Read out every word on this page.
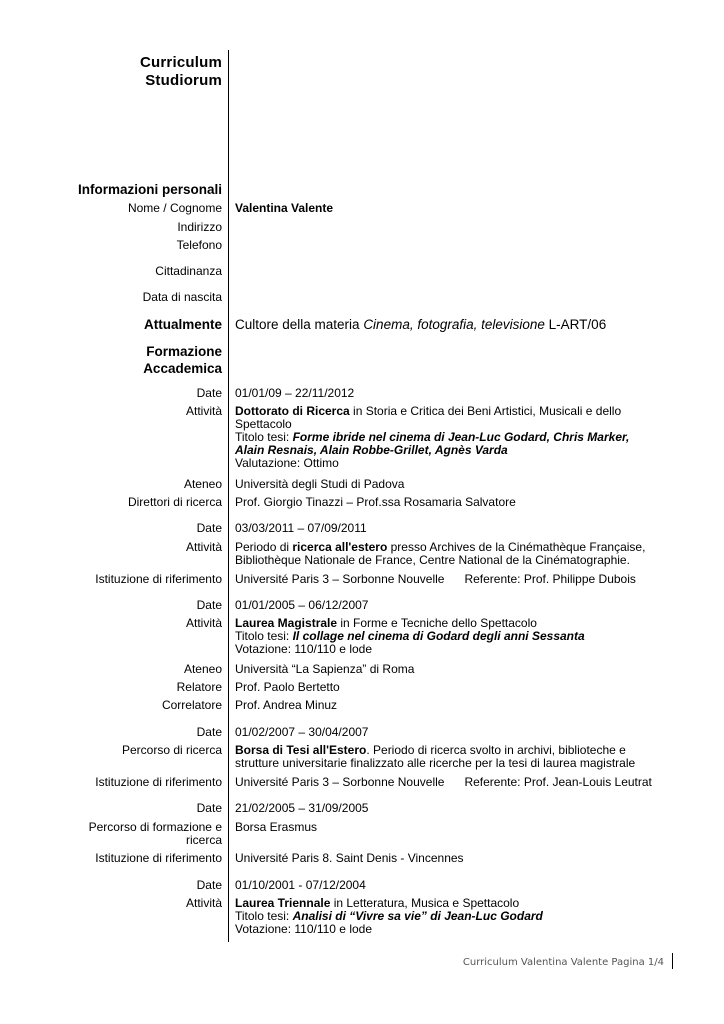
Curriculum
Studiorum
Informazioni personali
Nome / Cognome Valentina Valente
Indirizzo
Telefono
Cittadinanza
Data di nascita
Attualmente Cultore della materia Cinema, fotografia, televisione L-ART/06
Formazione
Accademica
Date 01/01/09 – 22/11/2012
Attività Dottorato di Ricerca in Storia e Critica dei Beni Artistici, Musicali e dello
Spettacolo
Titolo tesi: Forme ibride nel cinema di Jean-Luc Godard, Chris Marker,
Alain Resnais, Alain Robbe-Grillet, Agnès Varda
Valutazione: Ottimo
Ateneo Università degli Studi di Padova
Direttori di ricerca Prof. Giorgio Tinazzi – Prof.ssa Rosamaria Salvatore
Date 03/03/2011 – 07/09/2011
Attività Periodo di ricerca all'estero presso Archives de la Cinémathèque Française,
Bibliothèque Nationale de France, Centre National de la Cinématographie.
Istituzione di riferimento Université Paris 3 – Sorbonne Nouvelle Referente: Prof. Philippe Dubois
Date 01/01/2005 – 06/12/2007
Attività Laurea Magistrale in Forme e Tecniche dello Spettacolo
Titolo tesi: Il collage nel cinema di Godard degli anni Sessanta
Votazione: 110/110 e lode
Ateneo Università “La Sapienza” di Roma
Relatore Prof. Paolo Bertetto
Correlatore Prof. Andrea Minuz
Date 01/02/2007 – 30/04/2007
Percorso di ricerca Borsa di Tesi all'Estero. Periodo di ricerca svolto in archivi, biblioteche e
strutture universitarie finalizzato alle ricerche per la tesi di laurea magistrale
Istituzione di riferimento Université Paris 3 – Sorbonne Nouvelle Referente: Prof. Jean-Louis Leutrat
Date 21/02/2005 – 31/09/2005
Percorso di formazione e
ricerca
Borsa Erasmus
Istituzione di riferimento Université Paris 8. Saint Denis - Vincennes
Date 01/10/2001 - 07/12/2004
Attività Laurea Triennale in Letteratura, Musica e Spettacolo
Titolo tesi: Analisi di “Vivre sa vie” di Jean-Luc Godard
Votazione: 110/110 e lode
Curriculum Valentina Valente Pagina 1/4
